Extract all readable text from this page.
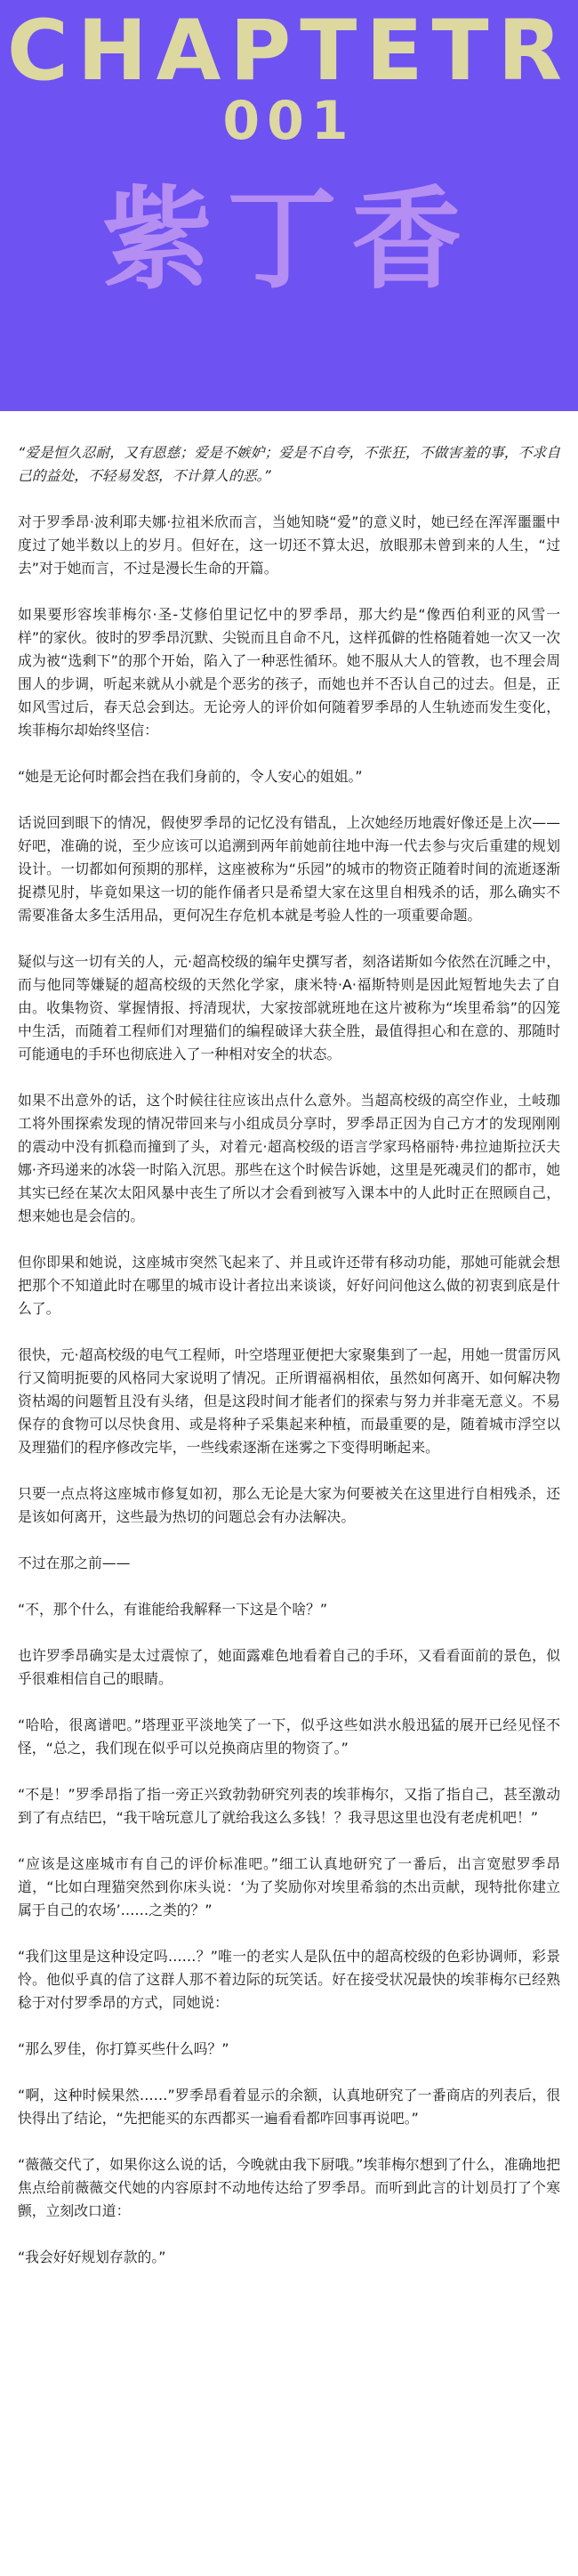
CHAPTETR
001
紫丁香

“爱是恒久忍耐，又有恩慈；爱是不嫉妒；爱是不自夸，不张狂，不做害羞的事，不求自己的益处，不轻易发怒，不计算人的恶。”

对于罗季昂·波利耶夫娜·拉祖米欣而言，当她知晓“爱”的意义时，她已经在浑浑噩噩中度过了她半数以上的岁月。但好在，这一切还不算太迟，放眼那未曾到来的人生，“过去”对于她而言，不过是漫长生命的开篇。

如果要形容埃菲梅尔·圣-艾修伯里记忆中的罗季昂，那大约是“像西伯利亚的风雪一样”的家伙。彼时的罗季昂沉默、尖锐而且自命不凡，这样孤僻的性格随着她一次又一次成为被“选剩下”的那个开始，陷入了一种恶性循环。她不服从大人的管教，也不理会周围人的步调，听起来就从小就是个恶劣的孩子，而她也并不否认自己的过去。但是，正如风雪过后，春天总会到达。无论旁人的评价如何随着罗季昂的人生轨迹而发生变化，埃菲梅尔却始终坚信：

“她是无论何时都会挡在我们身前的，令人安心的姐姐。”

话说回到眼下的情况，假使罗季昂的记忆没有错乱，上次她经历地震好像还是上次——好吧，准确的说，至少应该可以追溯到两年前她前往地中海一代去参与灾后重建的规划设计。一切都如何预期的那样，这座被称为“乐园”的城市的物资正随着时间的流逝逐渐捉襟见肘，毕竟如果这一切的能作俑者只是希望大家在这里自相残杀的话，那么确实不需要准备太多生活用品，更何况生存危机本就是考验人性的一项重要命题。

疑似与这一切有关的人，元·超高校级的编年史撰写者，刻洛诺斯如今依然在沉睡之中，而与他同等嫌疑的超高校级的天然化学家，康米特·A·福斯特则是因此短暂地失去了自由。收集物资、掌握情报、捋清现状，大家按部就班地在这片被称为“埃里希翁”的囚笼中生活，而随着工程师们对理猫们的编程破译大获全胜，最值得担心和在意的、那随时可能通电的手环也彻底进入了一种相对安全的状态。

如果不出意外的话，这个时候往往应该出点什么意外。当超高校级的高空作业，土岐珈工将外围探索发现的情况带回来与小组成员分享时，罗季昂正因为自己方才的发现刚刚的震动中没有抓稳而撞到了头，对着元·超高校级的语言学家玛格丽特·弗拉迪斯拉沃夫娜·齐玛递来的冰袋一时陷入沉思。那些在这个时候告诉她，这里是死魂灵们的都市，她其实已经在某次太阳风暴中丧生了所以才会看到被写入课本中的人此时正在照顾自己，想来她也是会信的。

但你即果和她说，这座城市突然飞起来了、并且或许还带有移动功能，那她可能就会想把那个不知道此时在哪里的城市设计者拉出来谈谈，好好问问他这么做的初衷到底是什么了。

很快，元·超高校级的电气工程师，叶空塔理亚便把大家聚集到了一起，用她一贯雷厉风行又简明扼要的风格同大家说明了情况。正所谓福祸相依，虽然如何离开、如何解决物资枯竭的问题暂且没有头绪，但是这段时间才能者们的探索与努力并非毫无意义。不易保存的食物可以尽快食用、或是将种子采集起来种植，而最重要的是，随着城市浮空以及理猫们的程序修改完毕，一些线索逐渐在迷雾之下变得明晰起来。

只要一点点将这座城市修复如初，那么无论是大家为何要被关在这里进行自相残杀，还是该如何离开，这些最为热切的问题总会有办法解决。

不过在那之前——

“不，那个什么，有谁能给我解释一下这是个啥？”

也许罗季昂确实是太过震惊了，她面露难色地看着自己的手环，又看看面前的景色，似乎很难相信自己的眼睛。

“哈哈，很离谱吧。”塔理亚平淡地笑了一下，似乎这些如洪水般迅猛的展开已经见怪不怪，“总之，我们现在似乎可以兑换商店里的物资了。”

“不是！”罗季昂指了指一旁正兴致勃勃研究列表的埃菲梅尔，又指了指自己，甚至激动到了有点结巴，“我干啥玩意儿了就给我这么多钱！？我寻思这里也没有老虎机吧！”

“应该是这座城市有自己的评价标准吧。”细工认真地研究了一番后，出言宽慰罗季昂道，“比如白理猫突然到你床头说：‘为了奖励你对埃里希翁的杰出贡献，现特批你建立属于自己的农场’……之类的？”

“我们这里是这种设定吗……？”唯一的老实人是队伍中的超高校级的色彩协调师，彩景怜。他似乎真的信了这群人那不着边际的玩笑话。好在接受状况最快的埃菲梅尔已经熟稔于对付罗季昂的方式，同她说：

“那么罗佳，你打算买些什么吗？”

“啊，这种时候果然……”罗季昂看着显示的余额，认真地研究了一番商店的列表后，很快得出了结论，“先把能买的东西都买一遍看看都咋回事再说吧。”

“薇薇交代了，如果你这么说的话，今晚就由我下厨哦。”埃菲梅尔想到了什么，准确地把焦点给前薇薇交代她的内容原封不动地传达给了罗季昂。而听到此言的计划员打了个寒颤，立刻改口道：

“我会好好规划存款的。”
